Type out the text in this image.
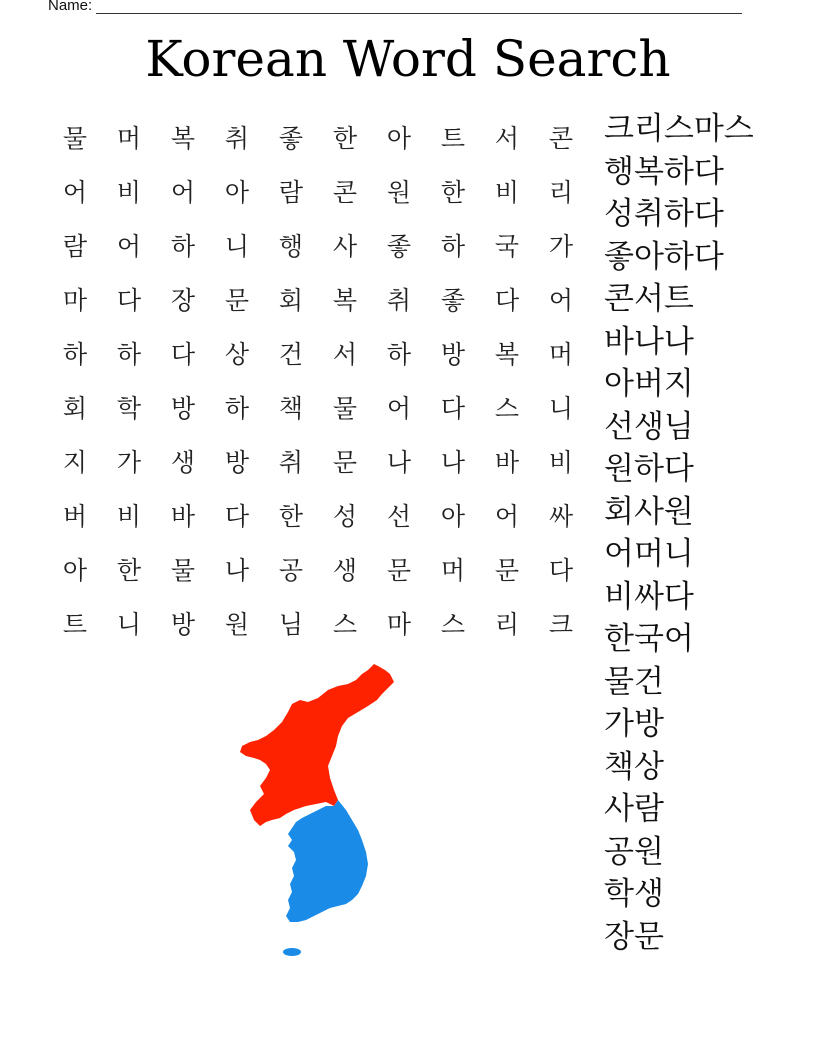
Name:
Korean Word Search
물	머	복	취	좋	한	아	트	서	콘
어	비	어	아	람	콘	원	한	비	리
람	어	하	니	행	사	좋	하	국	가
마	다	장	문	회	복	취	좋	다	어
하	하	다	상	건	서	하	방	복	머
회	학	방	하	책	물	어	다	스	니
지	가	생	방	취	문	나	나	바	비
버	비	바	다	한	성	선	아	어	싸
아	한	물	나	공	생	문	머	문	다
트	니	방	원	님	스	마	스	리	크
크리스마스
행복하다
성취하다
좋아하다
콘서트
바나나
아버지
선생님
원하다
회사원
어머니
비싸다
한국어
물건
가방
책상
사람
공원
학생
장문
